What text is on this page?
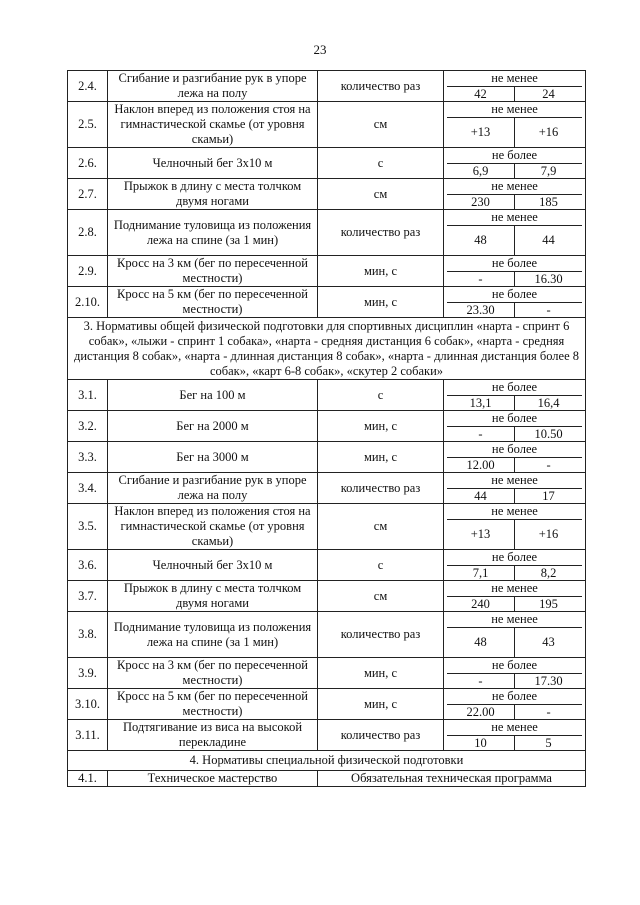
23
2.4.	Сгибание и разгибание рук в упоре лежа на полу	количество раз	не менее
42 24

2.5.	Наклон вперед из положения стоя на гимнастической скамье (от уровня скамьи)	см	не менее
+13 +16

2.6.	Челночный бег 3x10 м	с	не более
6,9 7,9

2.7.	Прыжок в длину с места толчком двумя ногами	см	не менее
230 185

2.8.	Поднимание туловища из положения лежа на спине (за 1 мин)	количество раз	не менее
48 44

2.9.	Кросс на 3 км (бег по пересеченной местности)	мин, с	не более
- 16.30

2.10.	Кросс на 5 км (бег по пересеченной местности)	мин, с	не более
23.30 -

3. Нормативы общей физической подготовки для спортивных дисциплин «нарта - спринт 6 собак», «лыжи - спринт 1 собака», «нарта - средняя дистанция 6 собак», «нарта - средняя дистанция 8 собак», «нарта - длинная дистанция 8 собак», «нарта - длинная дистанция более 8 собак», «карт 6-8 собак», «скутер 2 собаки»			
3.1.	Бег на 100 м	с	не более
13,1 16,4

3.2.	Бег на 2000 м	мин, с	не более
- 10.50

3.3.	Бег на 3000 м	мин, с	не более
12.00 -

3.4.	Сгибание и разгибание рук в упоре лежа на полу	количество раз	не менее
44 17

3.5.	Наклон вперед из положения стоя на гимнастической скамье (от уровня скамьи)	см	не менее
+13 +16

3.6.	Челночный бег 3x10 м	с	не более
7,1 8,2

3.7.	Прыжок в длину с места толчком двумя ногами	см	не менее
240 195

3.8.	Поднимание туловища из положения лежа на спине (за 1 мин)	количество раз	не менее
48 43

3.9.	Кросс на 3 км (бег по пересеченной местности)	мин, с	не более
- 17.30

3.10.	Кросс на 5 км (бег по пересеченной местности)	мин, с	не более
22.00 -

3.11.	Подтягивание из виса на высокой перекладине	количество раз	не менее
10 5

4. Нормативы специальной физической подготовки			
4.1.	Техническое мастерство	Обязательная техническая программа	
